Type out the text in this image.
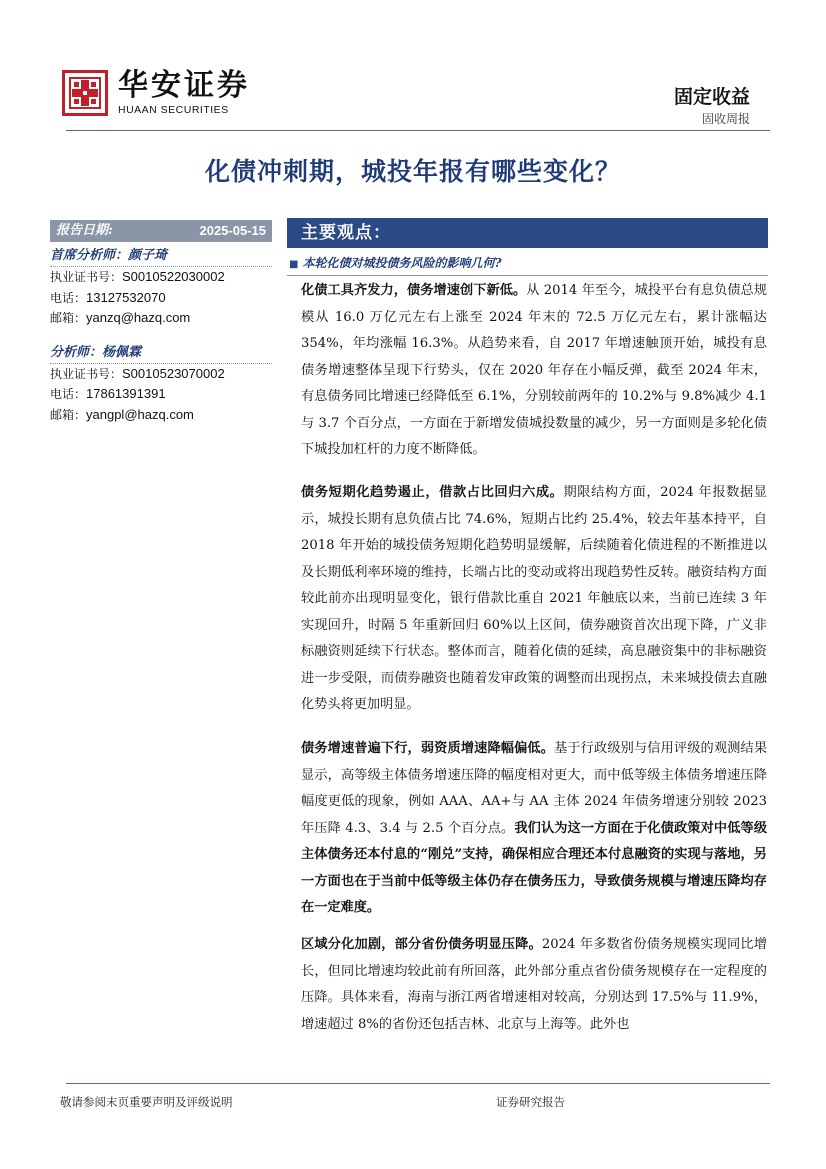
华安证券
HUAAN SECURITIES
固定收益
固收周报
化债冲刺期，城投年报有哪些变化？
报告日期:	2025-05-15
首席分析师：颜子琦
执业证书号：S0010522030002
电话：13127532070
邮箱：yanzq@hazq.com
分析师：杨佩霖
执业证书号：S0010523070002
电话：17861391391
邮箱：yangpl@hazq.com
主要观点：
■ 本轮化债对城投债务风险的影响几何?

化债工具齐发力，债务增速创下新低。从 2014 年至今，城投平台有息负债总规模从 16.0 万亿元左右上涨至 2024 年末的 72.5 万亿元左右，累计涨幅达 354%，年均涨幅 16.3%。从趋势来看，自 2017 年增速触顶开始，城投有息债务增速整体呈现下行势头，仅在 2020 年存在小幅反弹，截至 2024 年末，有息债务同比增速已经降低至 6.1%，分别较前两年的 10.2%与 9.8%减少 4.1 与 3.7 个百分点，一方面在于新增发债城投数量的减少，另一方面则是多轮化债下城投加杠杆的力度不断降低。

债务短期化趋势遏止，借款占比回归六成。期限结构方面，2024 年报数据显示，城投长期有息负债占比 74.6%，短期占比约 25.4%，较去年基本持平，自 2018 年开始的城投债务短期化趋势明显缓解，后续随着化债进程的不断推进以及长期低利率环境的维持，长端占比的变动或将出现趋势性反转。融资结构方面较此前亦出现明显变化，银行借款比重自 2021 年触底以来，当前已连续 3 年实现回升，时隔 5 年重新回归 60%以上区间，债券融资首次出现下降，广义非标融资则延续下行状态。整体而言，随着化债的延续，高息融资集中的非标融资进一步受限，而债券融资也随着发审政策的调整而出现拐点，未来城投债去直融化势头将更加明显。

债务增速普遍下行，弱资质增速降幅偏低。基于行政级别与信用评级的观测结果显示，高等级主体债务增速压降的幅度相对更大，而中低等级主体债务增速压降幅度更低的现象，例如 AAA、AA+与 AA 主体 2024 年债务增速分别较 2023 年压降 4.3、3.4 与 2.5 个百分点。我们认为这一方面在于化债政策对中低等级主体债务还本付息的“刚兑”支持，确保相应合理还本付息融资的实现与落地，另一方面也在于当前中低等级主体仍存在债务压力，导致债务规模与增速压降均存在一定难度。

区域分化加剧，部分省份债务明显压降。2024 年多数省份债务规模实现同比增长，但同比增速均较此前有所回落，此外部分重点省份债务规模存在一定程度的压降。具体来看，海南与浙江两省增速相对较高，分别达到 17.5%与 11.9%，增速超过 8%的省份还包括吉林、北京与上海等。此外也

敬请参阅末页重要声明及评级说明	证券研究报告
